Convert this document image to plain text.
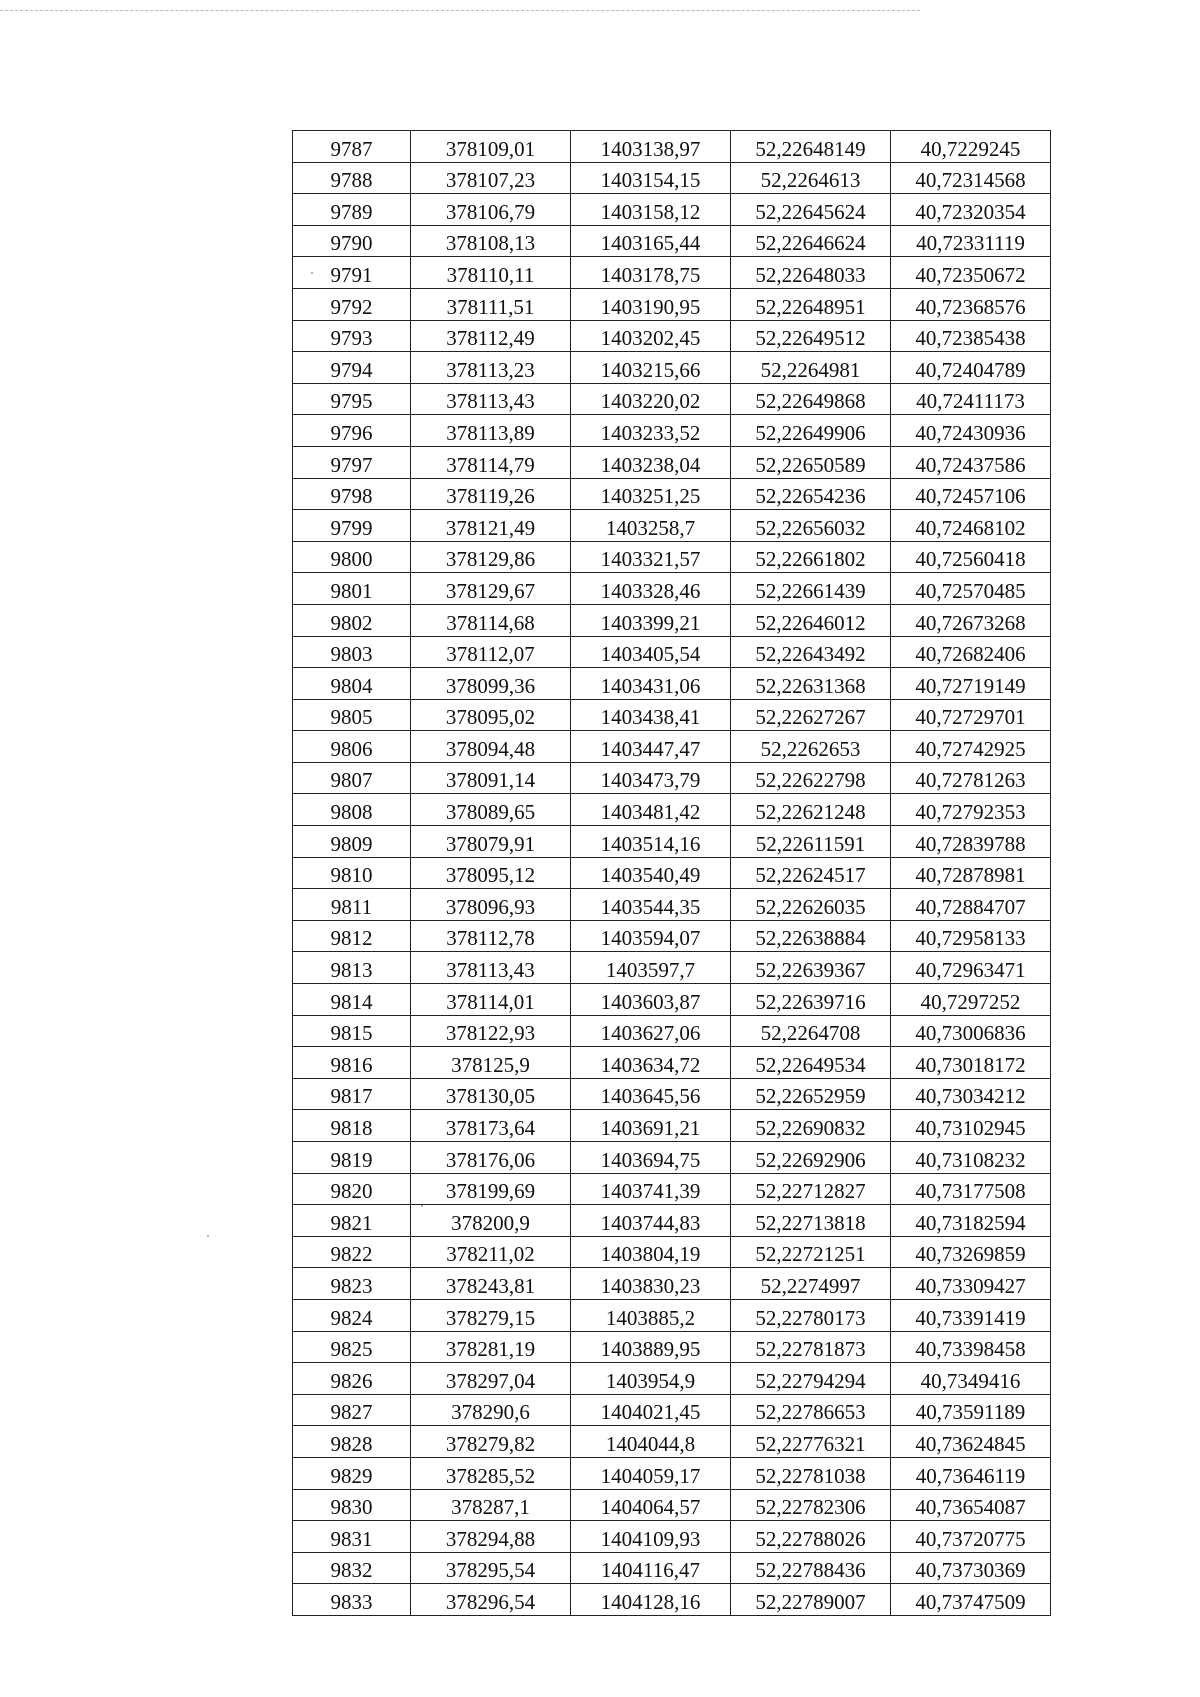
9787	378109,01	1403138,97	52,22648149	40,7229245
9788	378107,23	1403154,15	52,2264613	40,72314568
9789	378106,79	1403158,12	52,22645624	40,72320354
9790	378108,13	1403165,44	52,22646624	40,72331119
9791	378110,11	1403178,75	52,22648033	40,72350672
9792	378111,51	1403190,95	52,22648951	40,72368576
9793	378112,49	1403202,45	52,22649512	40,72385438
9794	378113,23	1403215,66	52,2264981	40,72404789
9795	378113,43	1403220,02	52,22649868	40,72411173
9796	378113,89	1403233,52	52,22649906	40,72430936
9797	378114,79	1403238,04	52,22650589	40,72437586
9798	378119,26	1403251,25	52,22654236	40,72457106
9799	378121,49	1403258,7	52,22656032	40,72468102
9800	378129,86	1403321,57	52,22661802	40,72560418
9801	378129,67	1403328,46	52,22661439	40,72570485
9802	378114,68	1403399,21	52,22646012	40,72673268
9803	378112,07	1403405,54	52,22643492	40,72682406
9804	378099,36	1403431,06	52,22631368	40,72719149
9805	378095,02	1403438,41	52,22627267	40,72729701
9806	378094,48	1403447,47	52,2262653	40,72742925
9807	378091,14	1403473,79	52,22622798	40,72781263
9808	378089,65	1403481,42	52,22621248	40,72792353
9809	378079,91	1403514,16	52,22611591	40,72839788
9810	378095,12	1403540,49	52,22624517	40,72878981
9811	378096,93	1403544,35	52,22626035	40,72884707
9812	378112,78	1403594,07	52,22638884	40,72958133
9813	378113,43	1403597,7	52,22639367	40,72963471
9814	378114,01	1403603,87	52,22639716	40,7297252
9815	378122,93	1403627,06	52,2264708	40,73006836
9816	378125,9	1403634,72	52,22649534	40,73018172
9817	378130,05	1403645,56	52,22652959	40,73034212
9818	378173,64	1403691,21	52,22690832	40,73102945
9819	378176,06	1403694,75	52,22692906	40,73108232
9820	378199,69	1403741,39	52,22712827	40,73177508
9821	378200,9	1403744,83	52,22713818	40,73182594
9822	378211,02	1403804,19	52,22721251	40,73269859
9823	378243,81	1403830,23	52,2274997	40,73309427
9824	378279,15	1403885,2	52,22780173	40,73391419
9825	378281,19	1403889,95	52,22781873	40,73398458
9826	378297,04	1403954,9	52,22794294	40,7349416
9827	378290,6	1404021,45	52,22786653	40,73591189
9828	378279,82	1404044,8	52,22776321	40,73624845
9829	378285,52	1404059,17	52,22781038	40,73646119
9830	378287,1	1404064,57	52,22782306	40,73654087
9831	378294,88	1404109,93	52,22788026	40,73720775
9832	378295,54	1404116,47	52,22788436	40,73730369
9833	378296,54	1404128,16	52,22789007	40,73747509
